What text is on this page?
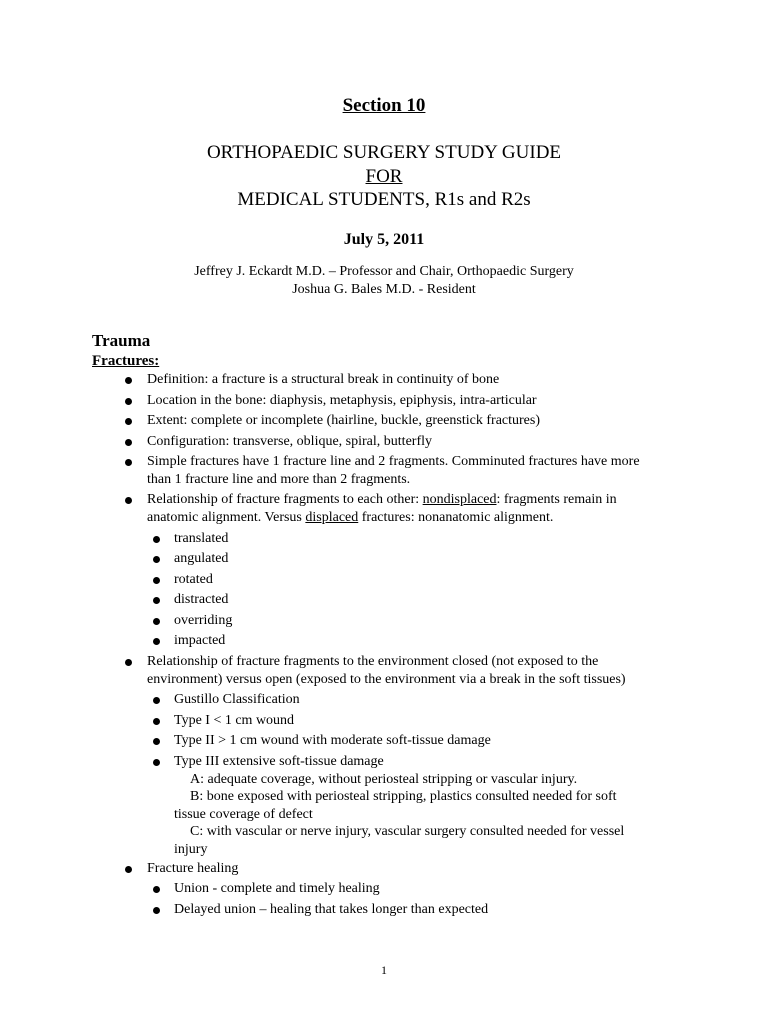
Section 10
ORTHOPAEDIC SURGERY STUDY GUIDE
FOR
MEDICAL STUDENTS, R1s and R2s
July 5, 2011
Jeffrey J. Eckardt M.D. – Professor and Chair, Orthopaedic Surgery
Joshua G. Bales M.D. - Resident
Trauma
Fractures:
Definition: a fracture is a structural break in continuity of bone
Location in the bone: diaphysis, metaphysis, epiphysis, intra-articular
Extent: complete or incomplete (hairline, buckle, greenstick fractures)
Configuration: transverse, oblique, spiral, butterfly
Simple fractures have 1 fracture line and 2 fragments. Comminuted fractures have more
than 1 fracture line and more than 2 fragments.
Relationship of fracture fragments to each other: nondisplaced: fragments remain in
anatomic alignment. Versus displaced fractures: nonanatomic alignment.
translated
angulated
rotated
distracted
overriding
impacted
Relationship of fracture fragments to the environment closed (not exposed to the
environment) versus open (exposed to the environment via a break in the soft tissues)
Gustillo Classification
Type I < 1 cm wound
Type II > 1 cm wound with moderate soft-tissue damage
Type III extensive soft-tissue damage
A: adequate coverage, without periosteal stripping or vascular injury.
B: bone exposed with periosteal stripping, plastics consulted needed for soft
tissue coverage of defect
C: with vascular or nerve injury, vascular surgery consulted needed for vessel
injury
Fracture healing
Union - complete and timely healing
Delayed union – healing that takes longer than expected
1
